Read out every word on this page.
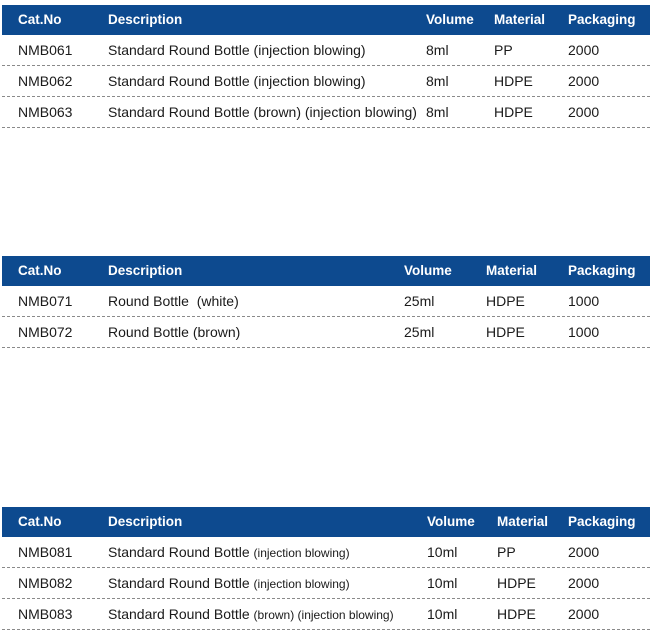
Cat.No	Description	Volume Material Packaging
NMB061	Standard Round Bottle (injection blowing)	8ml	PP	2000
NMB062	Standard Round Bottle (injection blowing)	8ml	HDPE	2000
NMB063	Standard Round Bottle (brown) (injection blowing) 8ml	HDPE	2000
Cat.No	Description	Volume	Material Packaging
NMB071	Round Bottle  (white)	25ml	HDPE	1000
NMB072	Round Bottle (brown)	25ml	HDPE	1000
Cat.No	Description	Volume Material Packaging
NMB081	Standard Round Bottle (injection blowing)	10ml	PP	2000
NMB082	Standard Round Bottle (injection blowing)	10ml	HDPE 2000
NMB083	Standard Round Bottle (brown) (injection blowing) 10ml	HDPE 2000
